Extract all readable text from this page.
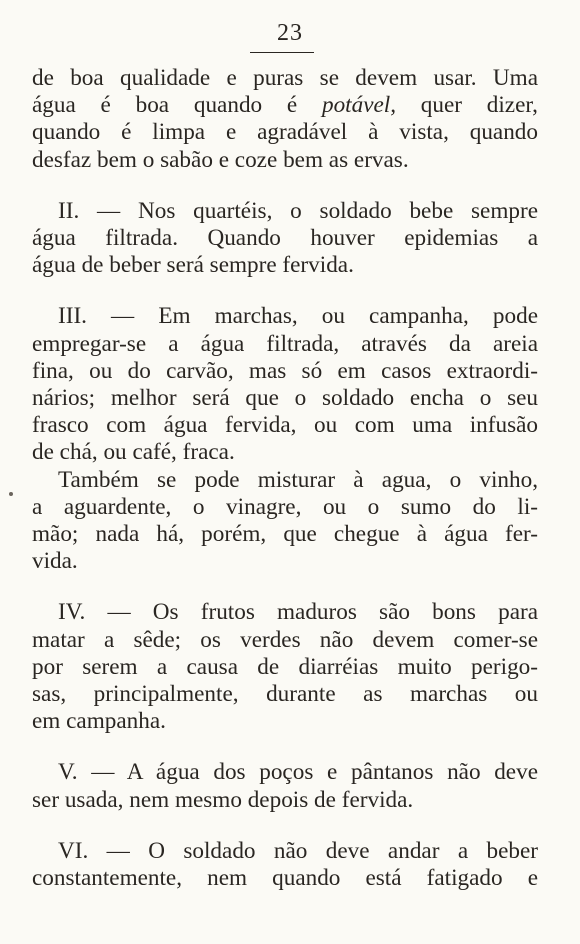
23

de boa qualidade e puras se devem usar. Uma
água é boa quando é potável, quer dizer,
quando é limpa e agradável à vista, quando
desfaz bem o sabão e coze bem as ervas.

II. — Nos quartéis, o soldado bebe sempre
água filtrada. Quando houver epidemias a
água de beber será sempre fervida.

III. — Em marchas, ou campanha, pode
empregar-se a água filtrada, através da areia
fina, ou do carvão, mas só em casos extraordi-
nários; melhor será que o soldado encha o seu
frasco com água fervida, ou com uma infusão
de chá, ou café, fraca.

Também se pode misturar à agua, o vinho,
a aguardente, o vinagre, ou o sumo do li-
mão; nada há, porém, que chegue à água fer-
vida.

IV. — Os frutos maduros são bons para
matar a sêde; os verdes não devem comer-se
por serem a causa de diarréias muito perigo-
sas, principalmente, durante as marchas ou
em campanha.

V. — A água dos poços e pântanos não deve
ser usada, nem mesmo depois de fervida.

VI. — O soldado não deve andar a beber
constantemente, nem quando está fatigado e
